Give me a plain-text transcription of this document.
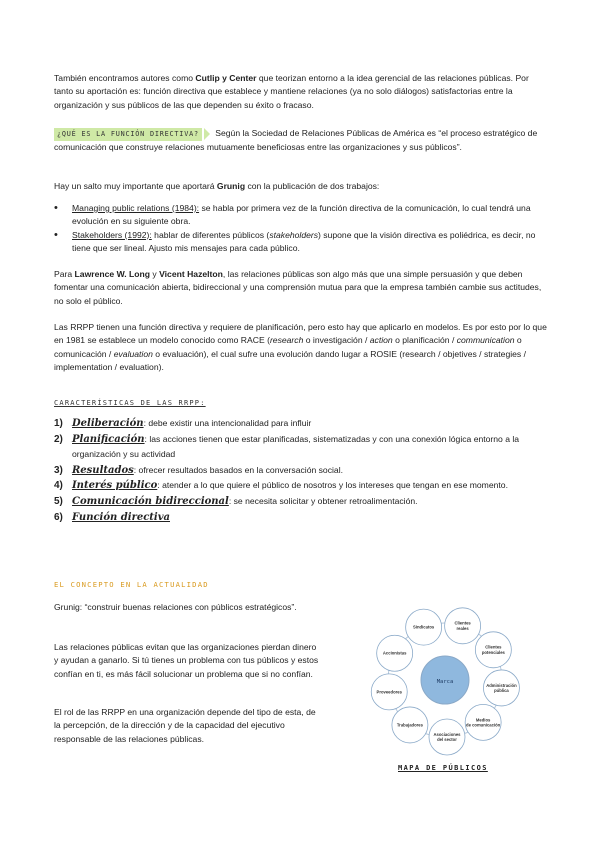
También encontramos autores como Cutlip y Center que teorizan entorno a la idea gerencial de las relaciones públicas. Por tanto su aportación es: función directiva que establece y mantiene relaciones (ya no solo diálogos) satisfactorias entre la organización y sus públicos de las que dependen su éxito o fracaso.

¿QUÉ ES LA FUNCIÓN DIRECTIVA? Según la Sociedad de Relaciones Públicas de América es “el proceso estratégico de comunicación que construye relaciones mutuamente beneficiosas entre las organizaciones y sus públicos”.

Hay un salto muy importante que aportará Grunig con la publicación de dos trabajos:

• Managing public relations (1984): se habla por primera vez de la función directiva de la comunicación, lo cual tendrá una evolución en su siguiente obra.
• Stakeholders (1992): hablar de diferentes públicos (stakeholders) supone que la visión directiva es poliédrica, es decir, no tiene que ser lineal. Ajusto mis mensajes para cada público.

Para Lawrence W. Long y Vicent Hazelton, las relaciones públicas son algo más que una simple persuasión y que deben fomentar una comunicación abierta, bidireccional y una comprensión mutua para que la empresa también cambie sus actitudes, no solo el público.

Las RRPP tienen una función directiva y requiere de planificación, pero esto hay que aplicarlo en modelos. Es por esto por lo que en 1981 se establece un modelo conocido como RACE (research o investigación / action o planificación / communication o comunicación / evaluation o evaluación), el cual sufre una evolución dando lugar a ROSIE (research / objetives / strategies / implementation / evaluation).

CARACTERÍSTICAS DE LAS RRPP:

1) Deliberación: debe existir una intencionalidad para influir
2) Planificación: las acciones tienen que estar planificadas, sistematizadas y con una conexión lógica entorno a la organización y su actividad
3) Resultados: ofrecer resultados basados en la conversación social.
4) Interés público: atender a lo que quiere el público de nosotros y los intereses que tengan en ese momento.
5) Comunicación bidireccional: se necesita solicitar y obtener retroalimentación.
6) Función directiva

EL CONCEPTO EN LA ACTUALIDAD

Grunig: “construir buenas relaciones con públicos estratégicos”.

Las relaciones públicas evitan que las organizaciones pierdan dinero y ayudan a ganarlo. Si tú tienes un problema con tus públicos y estos confían en ti, es más fácil solucionar un problema que si no confían.

El rol de las RRPP en una organización depende del tipo de esta, de la percepción, de la dirección y de la capacidad del ejecutivo responsable de las relaciones públicas.

Sindicatos
Clientes reales
Clientes potenciales
Administración pública
Medios de comunicación
Asociaciones del sector
Trabajadores
Proveedores
Accionistas
Marca

MAPA DE PÚBLICOS
